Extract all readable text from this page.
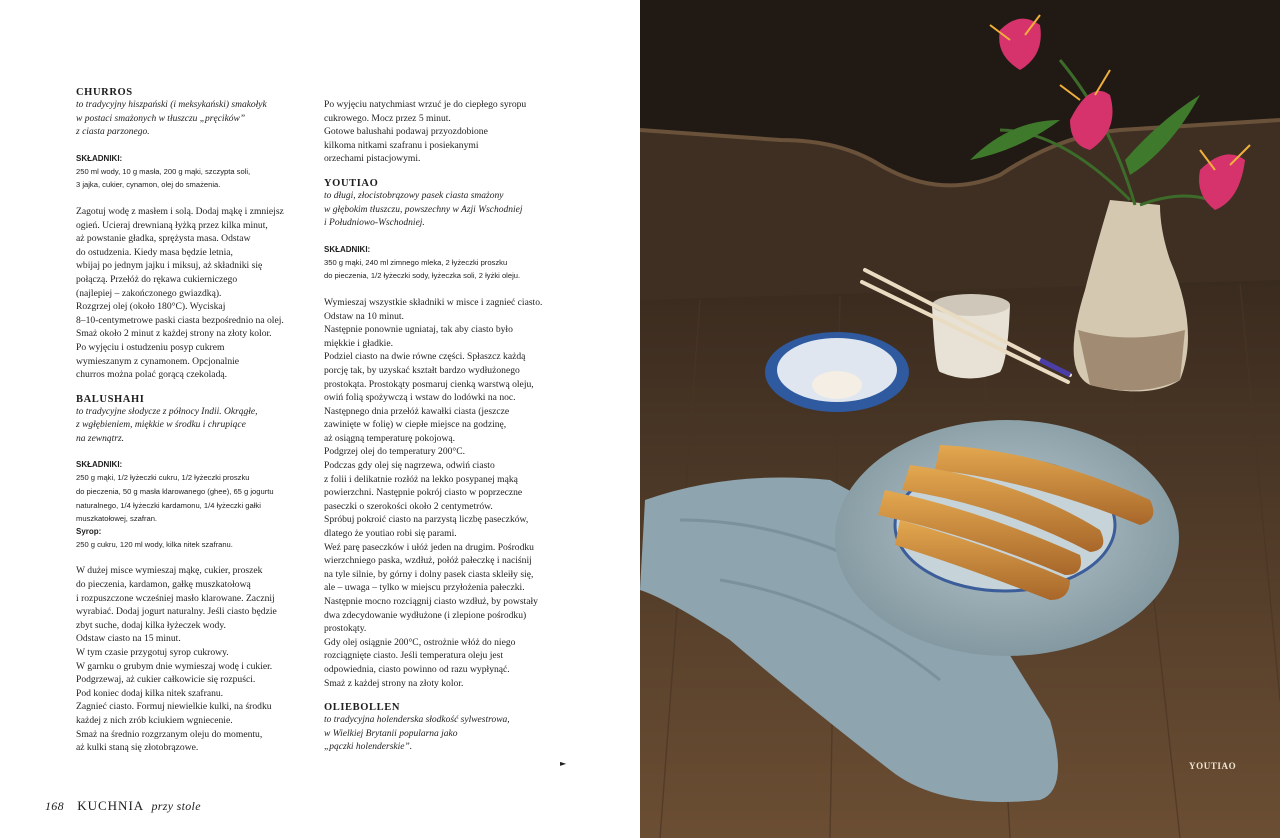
CHURROS

to tradycyjny hiszpański (i meksykański) smakołyk
w postaci smażonych w tłuszczu „pręcików”
z ciasta parzonego.

SKŁADNIKI:

250 ml wody, 10 g masła, 200 g mąki, szczypta soli,
3 jajka, cukier, cynamon, olej do smażenia.

Zagotuj wodę z masłem i solą. Dodaj mąkę i zmniejsz
ogień. Ucieraj drewnianą łyżką przez kilka minut,
aż powstanie gładka, sprężysta masa. Odstaw
do ostudzenia. Kiedy masa będzie letnia,
wbijaj po jednym jajku i miksuj, aż składniki się
połączą. Przełóż do rękawa cukierniczego
(najlepiej – zakończonego gwiazdką).
Rozgrzej olej (około 180°C). Wyciskaj
8–10-centymetrowe paski ciasta bezpośrednio na olej.
Smaż około 2 minut z każdej strony na złoty kolor.
Po wyjęciu i ostudzeniu posyp cukrem
wymieszanym z cynamonem. Opcjonalnie
churros można polać gorącą czekoladą.

BALUSHAHI

to tradycyjne słodycze z północy Indii. Okrągłe,
z wgłębieniem, miękkie w środku i chrupiące
na zewnątrz.

SKŁADNIKI:

250 g mąki, 1/2 łyżeczki cukru, 1/2 łyżeczki proszku
do pieczenia, 50 g masła klarowanego (ghee), 65 g jogurtu
naturalnego, 1/4 łyżeczki kardamonu, 1/4 łyżeczki gałki
muszkatołowej, szafran.

Syrop:

250 g cukru, 120 ml wody, kilka nitek szafranu.

W dużej misce wymieszaj mąkę, cukier, proszek
do pieczenia, kardamon, gałkę muszkatołową
i rozpuszczone wcześniej masło klarowane. Zacznij
wyrabiać. Dodaj jogurt naturalny. Jeśli ciasto będzie
zbyt suche, dodaj kilka łyżeczek wody.
Odstaw ciasto na 15 minut.
W tym czasie przygotuj syrop cukrowy.
W garnku o grubym dnie wymieszaj wodę i cukier.
Podgrzewaj, aż cukier całkowicie się rozpuści.
Pod koniec dodaj kilka nitek szafranu.
Zagnieć ciasto. Formuj niewielkie kulki, na środku
każdej z nich zrób kciukiem wgniecenie.
Smaż na średnio rozgrzanym oleju do momentu,
aż kulki staną się złotobrązowe.

Po wyjęciu natychmiast wrzuć je do ciepłego syropu
cukrowego. Mocz przez 5 minut.
Gotowe balushahi podawaj przyozdobione
kilkoma nitkami szafranu i posiekanymi
orzechami pistacjowymi.

YOUTIAO

to długi, złocistobrązowy pasek ciasta smażony
w głębokim tłuszczu, powszechny w Azji Wschodniej
i Południowo-Wschodniej.

SKŁADNIKI:

350 g mąki, 240 ml zimnego mleka, 2 łyżeczki proszku
do pieczenia, 1/2 łyżeczki sody, łyżeczka soli, 2 łyżki oleju.

Wymieszaj wszystkie składniki w misce i zagnieć ciasto.
Odstaw na 10 minut.
Następnie ponownie ugniataj, tak aby ciasto było
miękkie i gładkie.
Podziel ciasto na dwie równe części. Spłaszcz każdą
porcję tak, by uzyskać kształt bardzo wydłużonego
prostokąta. Prostokąty posmaruj cienką warstwą oleju,
owiń folią spożywczą i wstaw do lodówki na noc.
Następnego dnia przełóż kawałki ciasta (jeszcze
zawinięte w folię) w ciepłe miejsce na godzinę,
aż osiągną temperaturę pokojową.
Podgrzej olej do temperatury 200°C.
Podczas gdy olej się nagrzewa, odwiń ciasto
z folii i delikatnie rozłóż na lekko posypanej mąką
powierzchni. Następnie pokrój ciasto w poprzeczne
paseczki o szerokości około 2 centymetrów.
Spróbuj pokroić ciasto na parzystą liczbę paseczków,
dlatego że youtiao robi się parami.
Weź parę paseczków i ułóż jeden na drugim. Pośrodku
wierzchniego paska, wzdłuż, połóż pałeczkę i naciśnij
na tyle silnie, by górny i dolny pasek ciasta skleiły się,
ale – uwaga – tylko w miejscu przyłożenia pałeczki.
Następnie mocno rozciągnij ciasto wzdłuż, by powstały
dwa zdecydowanie wydłużone (i zlepione pośrodku)
prostokąty.
Gdy olej osiągnie 200°C, ostrożnie włóż do niego
rozciągnięte ciasto. Jeśli temperatura oleju jest
odpowiednia, ciasto powinno od razu wypłynąć.
Smaż z każdej strony na złoty kolor.

OLIEBOLLEN

to tradycyjna holenderska słodkość sylwestrowa,
w Wielkiej Brytanii popularna jako
„pączki holenderskie”.

►
168 KUCHNIA przy stole
YOUTIAO
